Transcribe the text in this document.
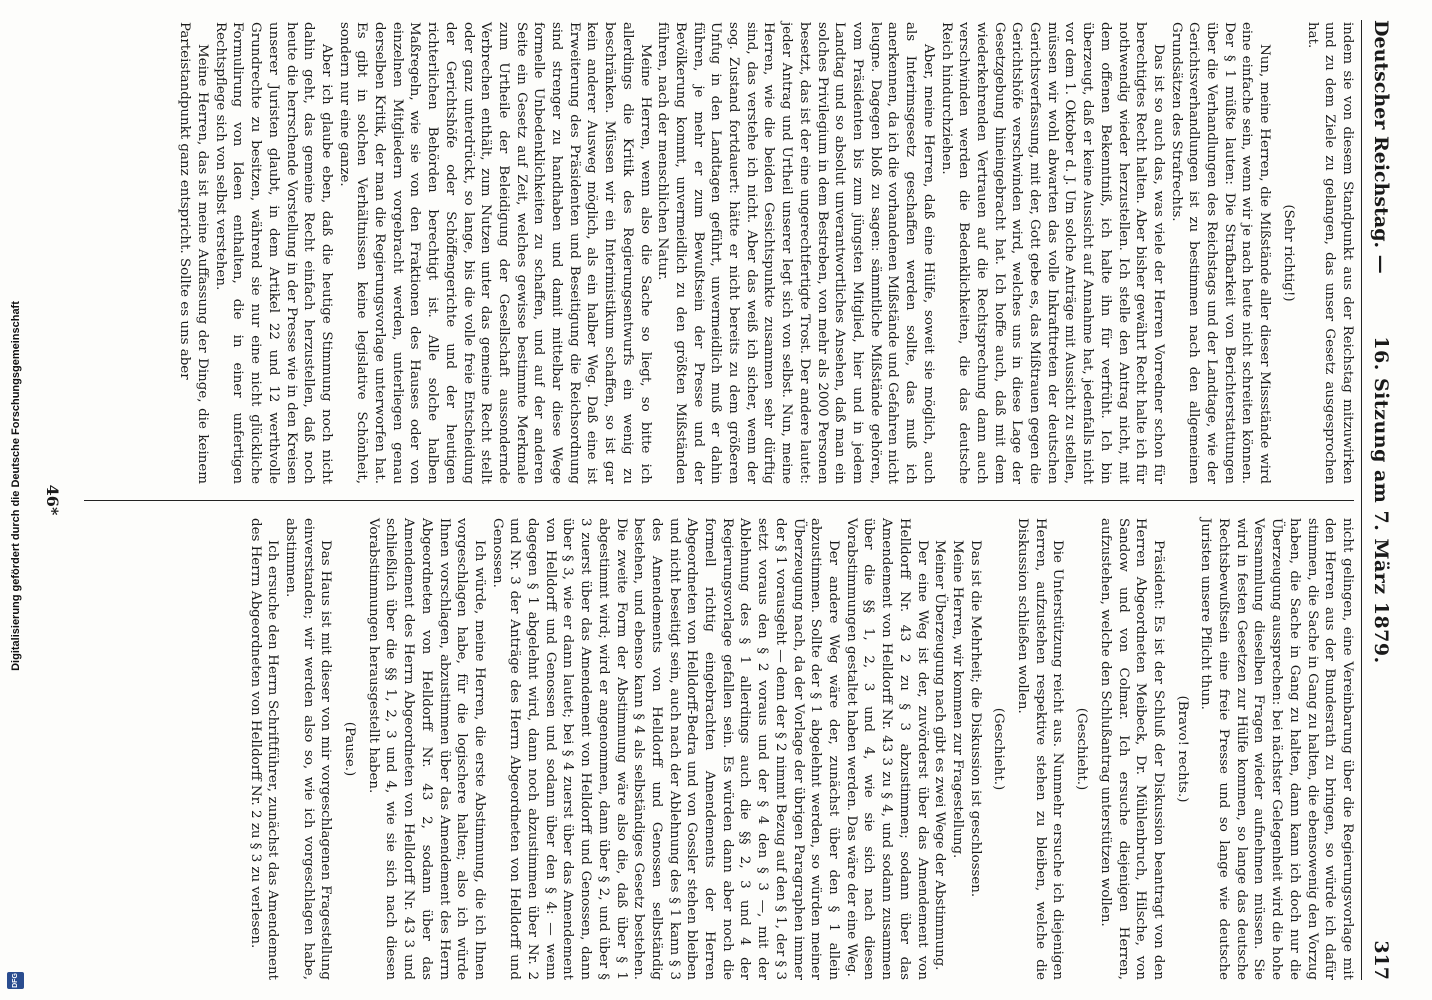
Deutscher Reichstag. —
16. Sitzung am 7. März 1879.
317

indem sie von diesem Standpunkt aus der Reichstag mitzuwirken und zu dem Ziele zu gelangen, das unser Gesetz ausgesprochen hat.

(Sehr richtig!)

Nun, meine Herren, die Mißstände aller dieser Missstände wird eine einfache sein, wenn wir je nach heute nicht schreiten können. Der § 1 müßte lauten: Die Strafbarkeit von Berichterstattungen über die Verhandlungen des Reichstags und der Landtage, wie der Gerichtsverhandlungen ist zu bestimmen nach den allgemeinen Grundsätzen des Strafrechts.

Das ist so auch das, was viele der Herren Vorredner schon für berechtigtes Recht halten. Aber bisher gewährt Recht halte ich für nothwendig wieder herzustellen. Ich stelle den Antrag nicht, mit dem offenen Bekenntniß, ich halte ihn für verfrüht. Ich bin überzeugt, daß er keine Aussicht auf Annahme hat, jedenfalls nicht vor dem 1. Oktober d. J. Um solche Anträge mit Aussicht zu stellen, müssen wir wohl abwarten das volle Inkrafttreten der deutschen Gerichtsverfassung, mit der, Gott gebe es, das Mißtrauen gegen die Gerichtshöfe verschwinden wird, welches uns in diese Lage der Gesetzgebung hineingebracht hat. Ich hoffe auch, daß mit dem wiederkehrenden Vertrauen auf die Rechtsprechung dann auch verschwinden werden die Bedenklichkeiten, die das deutsche Reich hindurchziehen.

Aber, meine Herren, daß eine Hülfe, soweit sie möglich, auch als Interimsgesetz geschaffen werden sollte, das muß ich anerkennen, da ich die vorhandenen Mißstände und Gefahren nicht leugne. Dagegen bloß zu sagen: sämmtliche Mißstände gehören, vom Präsidenten bis zum jüngsten Mitglied, hier und in jedem Landtag und so absolut unverantwortliches Ansehen, daß man ein solches Privilegium in dem Bestreben, von mehr als 2000 Personen besetzt, das ist der eine ungerechtfertigte Trost. Der andere lautet: jeder Antrag und Urtheil unserer legt sich von selbst. Nun, meine Herren, wie die beiden Gesichtspunkte zusammen sehr dürftig sind, das verstehe ich nicht. Aber das weiß ich sicher, wenn der sog. Zustand fortdauert: hätte er nicht bereits zu dem größeren Unfug in den Landtagen geführt, unvermeidlich muß er dahin führen, je mehr er zum Bewußtsein der Presse und der Bevölkerung kommt, unvermeidlich zu den größten Mißständen führen, nach der menschlichen Natur.

Meine Herren, wenn also die Sache so liegt, so bitte ich allerdings die Kritik des Regierungsentwurfs ein wenig zu beschränken. Müssen wir ein Interimistikum schaffen, so ist gar kein anderer Ausweg möglich, als ein halber Weg. Daß eine ist Erweiterung des Präsidenten und Beseitigung die Reichsordnung sind strenger zu handhaben und damit mittelbar diese Wege formelle Unbedenklichkeiten zu schaffen, und auf der anderen Seite ein Gesetz auf Zeit, welches gewisse bestimmte Merkmale zum Urtheile der Beleidigung der Gesellschaft aussondernde Verbrechen enthält, zum Nutzen unter das gemeine Recht stellt oder ganz unterdrückt, so lange, bis die volle freie Entscheidung der Gerichtshöfe oder Schöffengerichte und der heutigen richterlichen Behörden berechtigt ist. Alle solche halben Maßregeln, wie sie von den Fraktionen des Hauses oder von einzelnen Mitgliedern vorgebracht werden, unterliegen genau derselben Kritik, der man die Regierungsvorlage unterworfen hat. Es gibt in solchen Verhältnissen keine legislative Schönheit, sondern nur eine ganze.

Aber ich glaube eben, daß die heutige Stimmung noch nicht dahin geht, das gemeine Recht einfach herzustellen, daß noch heute die herrschende Vorstellung in der Presse wie in den Kreisen unserer Juristen glaubt, in dem Artikel 22 und 12 werthvolle Grundrechte zu besitzen, während sie nur eine nicht glückliche Formulirung von Ideen enthalten, die in einer unfertigen Rechtspflege sich von selbst verstehen.

Meine Herren, das ist meine Auffassung der Dinge, die keinem Parteistandpunkt ganz entspricht. Sollte es uns aber

nicht gelingen, eine Vereinbarung über die Regierungsvorlage mit den Herren aus der Bundesrath zu bringen, so würde ich dafür stimmen, die Sache in Gang zu halten, die ebensowenig den Vorzug haben, die Sache in Gang zu halten, dann kann ich doch nur die Überzeugung aussprechen: bei nächster Gelegenheit wird die hohe Versammlung dieselben Fragen wieder aufnehmen müssen. Sie wird in festen Gesetzen zur Hülfe kommen, so lange das deutsche Rechtsbewußtsein eine freie Presse und so lange wie deutsche Juristen unsere Pflicht thun.

(Bravo! rechts.)

Präsident: Es ist der Schluß der Diskussion beantragt von den Herren Abgeordneten Meibeck, Dr. Mühlenbruch, Hilsche, von Sandow und von Colmar. Ich ersuche diejenigen Herren, aufzustehen, welche den Schlußantrag unterstützen wollen.

(Geschieht.)

Die Unterstützung reicht aus. Nunmehr ersuche ich diejenigen Herren, aufzustehen respektive stehen zu bleiben, welche die Diskussion schließen wollen.

(Geschieht.)

Das ist die Mehrheit; die Diskussion ist geschlossen.

Meine Herren, wir kommen zur Fragestellung.

Meiner Überzeugung nach gibt es zwei Wege der Abstimmung.

Der eine Weg ist der, zuvörderst über das Amendement von Helldorff Nr. 43 2 zu § 3 abzustimmen; sodann über das Amendement von Helldorff Nr. 43 3 zu § 4, und sodann zusammen über die §§ 1, 2, 3 und 4, wie sie sich nach diesen Vorabstimmungen gestaltet haben werden. Das wäre der eine Weg.

Der andere Weg wäre der, zunächst über den § 1 allein abzustimmen. Sollte der § 1 abgelehnt werden, so würden meiner Überzeugung nach, da der Vorlage der übrigen Paragraphen immer der § 1 vorausgeht — denn der § 2 nimmt Bezug auf den § 1, der § 3 setzt voraus den § 2 voraus und der § 4 den § 3 —, mit der Ablehnung des § 1 allerdings auch die §§ 2, 3 und 4 der Regierungsvorlage gefallen sein. Es würden dann aber noch die formell richtig eingebrachten Amendements der Herren Abgeordneten von Helldorff-Bedra und von Gossler stehen bleiben und nicht beseitigt sein, auch nach der Ablehnung des § 1 kann § 3 des Amendements von Helldorff und Genossen selbständig bestehen, und ebenso kann § 4 als selbständiges Gesetz bestehen. Die zweite Form der Abstimmung wäre also die, daß über § 1 abgestimmt wird; wird er angenommen, dann über § 2, und über § 3 zuerst über das Amendement von Helldorff und Genossen, dann über § 3, wie er dann lautet; bei § 4 zuerst über das Amendement von Helldorff und Genossen und sodann über den § 4: — wenn dagegen § 1 abgelehnt wird, dann noch abzustimmen über Nr. 2 und Nr. 3 der Anträge des Herrn Abgeordneten von Helldorff und Genossen.

Ich würde, meine Herren, die erste Abstimmung, die ich Ihnen vorgeschlagen habe, für die logischere halten; also ich würde Ihnen vorschlagen, abzustimmen über das Amendement des Herrn Abgeordneten von Helldorff Nr. 43 2, sodann über das Amendement des Herrn Abgeordneten von Helldorff Nr. 43 3 und schließlich über die §§ 1, 2, 3 und 4, wie sie sich nach diesen Vorabstimmungen herausgestellt haben.

(Pause.)

Das Haus ist mit dieser von mir vorgeschlagenen Fragestellung einverstanden; wir werden also so, wie ich vorgeschlagen habe, abstimmen.

Ich ersuche den Herrn Schriftführer, zunächst das Amendement des Herrn Abgeordneten von Helldorff Nr. 2 zu § 3 zu verlesen.

46*
Digitalisierung gefördert durch die Deutsche Forschungsgemeinschaft
DFG
